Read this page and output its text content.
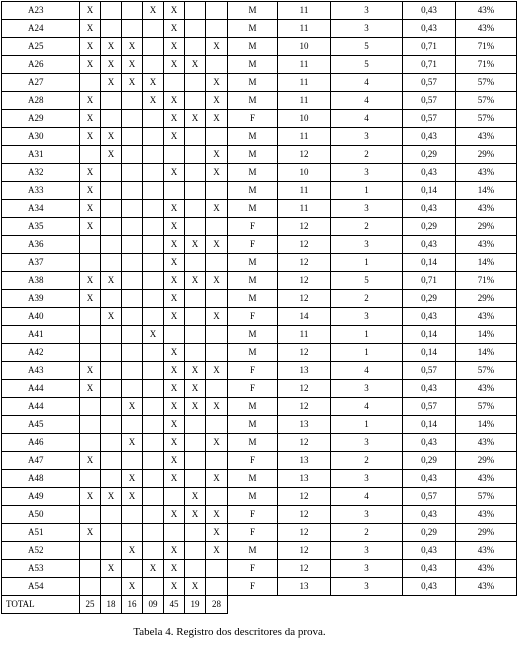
A23	X			X	X			M	11	3	0,43	43%
A24	X				X			M	11	3	0,43	43%
A25	X	X	X		X		X	M	10	5	0,71	71%
A26	X	X	X		X	X		M	11	5	0,71	71%
A27		X	X	X			X	M	11	4	0,57	57%
A28	X			X	X		X	M	11	4	0,57	57%
A29	X				X	X	X	F	10	4	0,57	57%
A30	X	X			X			M	11	3	0,43	43%
A31		X					X	M	12	2	0,29	29%
A32	X				X		X	M	10	3	0,43	43%
A33	X							M	11	1	0,14	14%
A34	X				X		X	M	11	3	0,43	43%
A35	X				X			F	12	2	0,29	29%
A36					X	X	X	F	12	3	0,43	43%
A37					X			M	12	1	0,14	14%
A38	X	X			X	X	X	M	12	5	0,71	71%
A39	X				X			M	12	2	0,29	29%
A40		X			X		X	F	14	3	0,43	43%
A41				X				M	11	1	0,14	14%
A42					X			M	12	1	0,14	14%
A43	X				X	X	X	F	13	4	0,57	57%
A44	X				X	X		F	12	3	0,43	43%
A44			X		X	X	X	M	12	4	0,57	57%
A45					X			M	13	1	0,14	14%
A46			X		X		X	M	12	3	0,43	43%
A47	X				X			F	13	2	0,29	29%
A48			X		X		X	M	13	3	0,43	43%
A49	X	X	X			X		M	12	4	0,57	57%
A50					X	X	X	F	12	3	0,43	43%
A51	X						X	F	12	2	0,29	29%
A52			X		X		X	M	12	3	0,43	43%
A53		X		X	X			F	12	3	0,43	43%
A54			X		X	X		F	13	3	0,43	43%
TOTAL	25	18	16	09	45	19	28					
Tabela 4. Registro dos descritores da prova.
